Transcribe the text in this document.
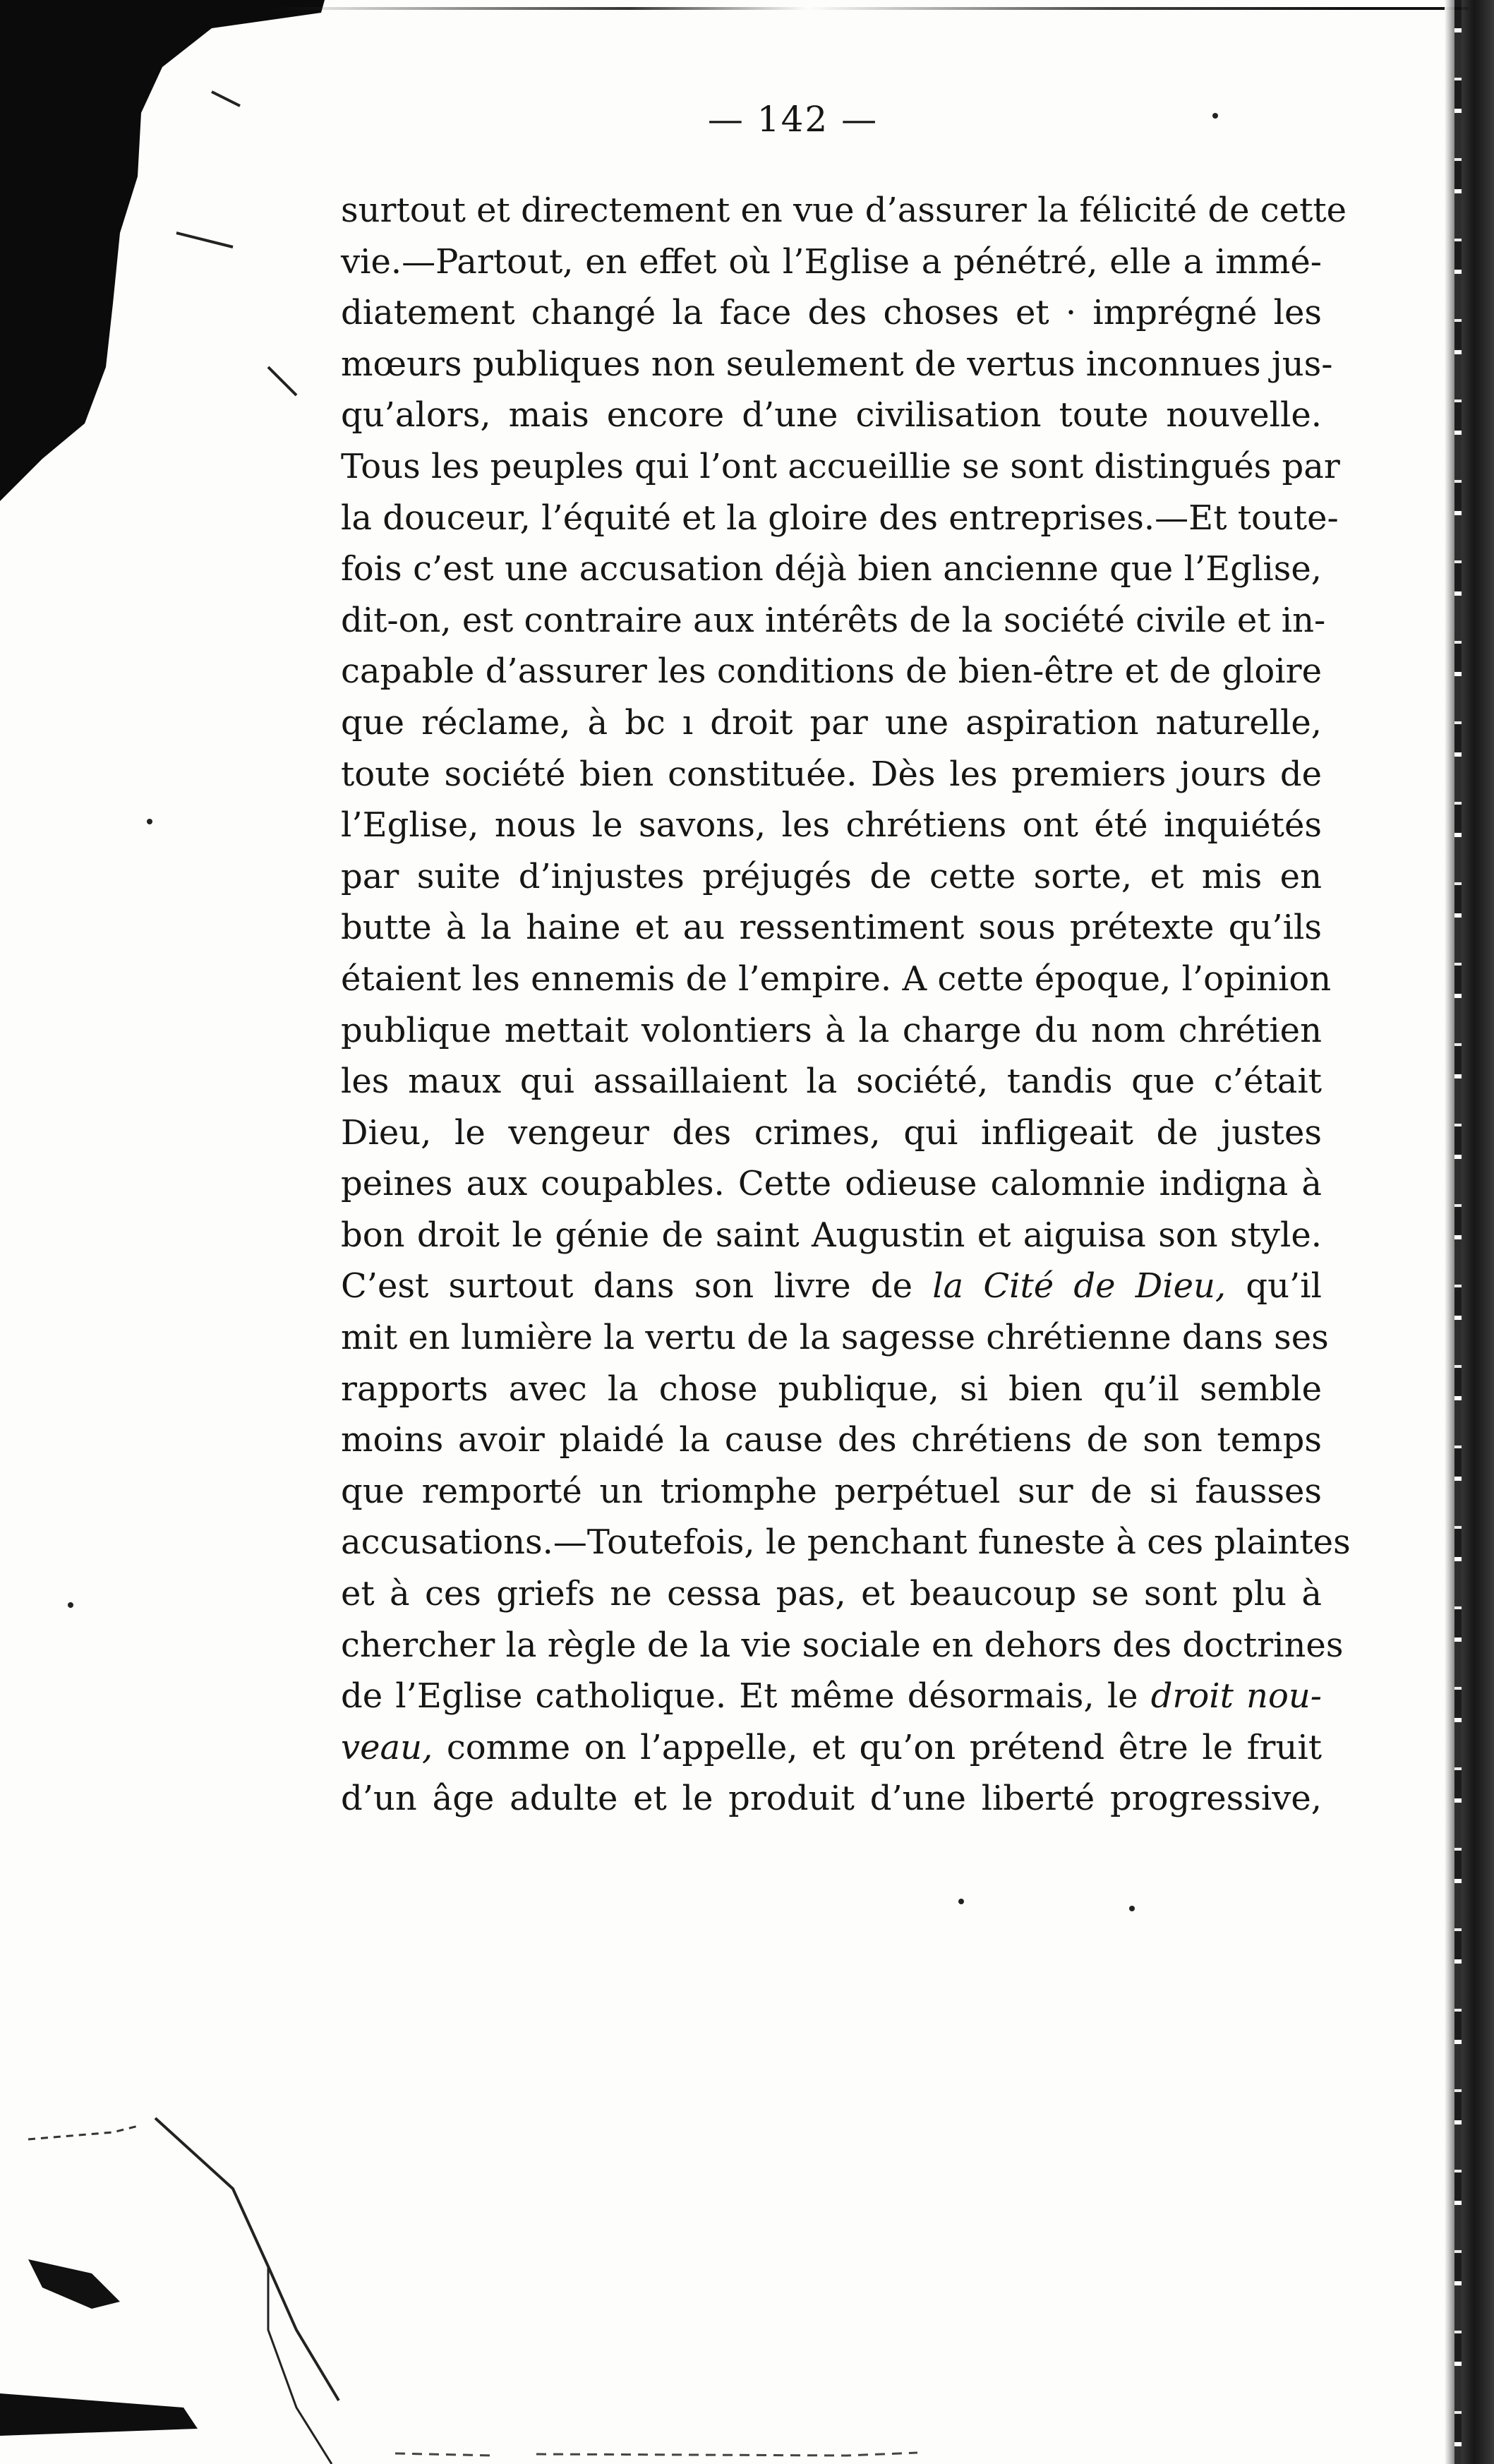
— 142 —
surtout et directement en vue d’assurer la félicité de cette
vie.—Partout, en effet où l’Eglise a pénétré, elle a immé-
diatement changé la face des choses et · imprégné les
mœurs publiques non seulement de vertus inconnues jus-
qu’alors, mais encore d’une civilisation toute nouvelle.
Tous les peuples qui l’ont accueillie se sont distingués par
la douceur, l’équité et la gloire des entreprises.—Et toute-
fois c’est une accusation déjà bien ancienne que l’Eglise,
dit-on, est contraire aux intérêts de la société civile et in-
capable d’assurer les conditions de bien-être et de gloire
que réclame, à bc ı droit par une aspiration naturelle,
toute société bien constituée. Dès les premiers jours de
l’Eglise, nous le savons, les chrétiens ont été inquiétés
par suite d’injustes préjugés de cette sorte, et mis en
butte à la haine et au ressentiment sous prétexte qu’ils
étaient les ennemis de l’empire. A cette époque, l’opinion
publique mettait volontiers à la charge du nom chrétien
les maux qui assaillaient la société, tandis que c’était
Dieu, le vengeur des crimes, qui infligeait de justes
peines aux coupables. Cette odieuse calomnie indigna à
bon droit le génie de saint Augustin et aiguisa son style.
C’est surtout dans son livre de la Cité de Dieu, qu’il
mit en lumière la vertu de la sagesse chrétienne dans ses
rapports avec la chose publique, si bien qu’il semble
moins avoir plaidé la cause des chrétiens de son temps
que remporté un triomphe perpétuel sur de si fausses
accusations.—Toutefois, le penchant funeste à ces plaintes
et à ces griefs ne cessa pas, et beaucoup se sont plu à
chercher la règle de la vie sociale en dehors des doctrines
de l’Eglise catholique. Et même désormais, le droit nou-
veau, comme on l’appelle, et qu’on prétend être le fruit
d’un âge adulte et le produit d’une liberté progressive,
